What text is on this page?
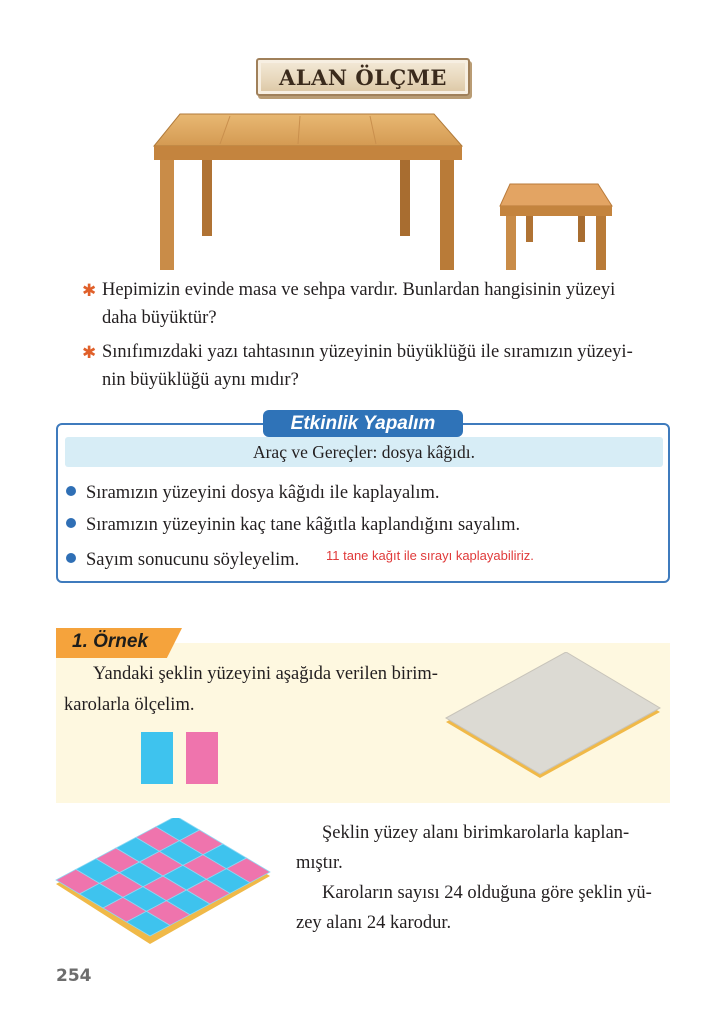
ALAN ÖLÇME
✱ Hepimizin evinde masa ve sehpa vardır. Bunlardan hangisinin yüzeyi
daha büyüktür?
✱ Sınıfımızdaki yazı tahtasının yüzeyinin büyüklüğü ile sıramızın yüzeyi-
nin büyüklüğü aynı mıdır?
Etkinlik Yapalım
Araç ve Gereçler: dosya kâğıdı.
Sıramızın yüzeyini dosya kâğıdı ile kaplayalım.
Sıramızın yüzeyinin kaç tane kâğıtla kaplandığını sayalım.
Sayım sonucunu söyleyelim. 11 tane kağıt ile sırayı kaplayabiliriz.
1. Örnek
Yandaki şeklin yüzeyini aşağıda verilen birim-
karolarla ölçelim.
Şeklin yüzey alanı birimkarolarla kaplan-
mıştır.
Karoların sayısı 24 olduğuna göre şeklin yü-
zey alanı 24 karodur.
254
